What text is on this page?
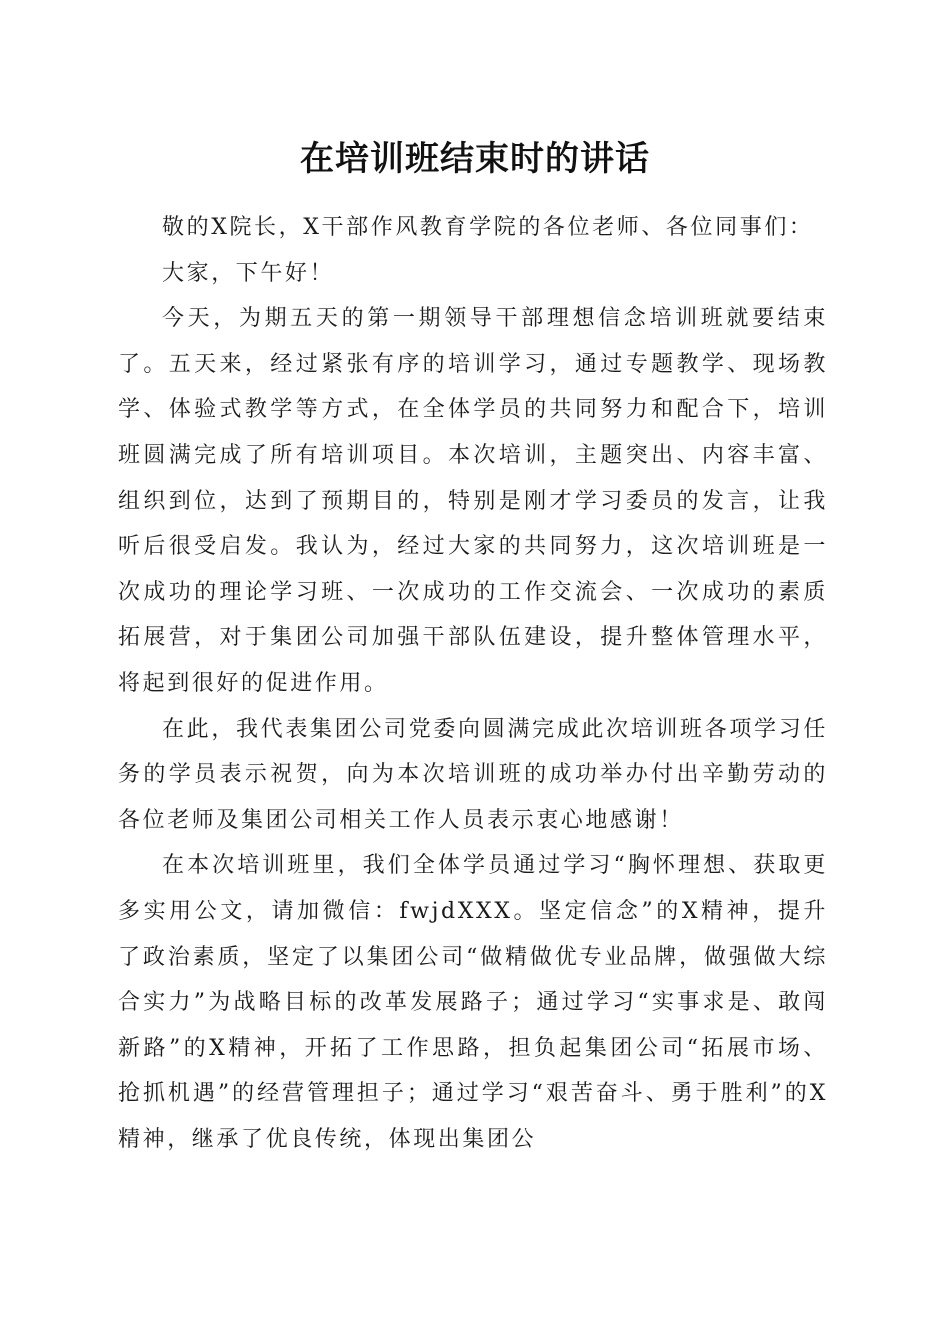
在培训班结束时的讲话

敬的X院长，X干部作风教育学院的各位老师、各位同事们：

大家，下午好！

今天，为期五天的第一期领导干部理想信念培训班就要结束了。五天来，经过紧张有序的培训学习，通过专题教学、现场教学、体验式教学等方式，在全体学员的共同努力和配合下，培训班圆满完成了所有培训项目。本次培训，主题突出、内容丰富、组织到位，达到了预期目的，特别是刚才学习委员的发言，让我听后很受启发。我认为，经过大家的共同努力，这次培训班是一次成功的理论学习班、一次成功的工作交流会、一次成功的素质拓展营，对于集团公司加强干部队伍建设，提升整体管理水平，将起到很好的促进作用。

在此，我代表集团公司党委向圆满完成此次培训班各项学习任务的学员表示祝贺，向为本次培训班的成功举办付出辛勤劳动的各位老师及集团公司相关工作人员表示衷心地感谢！

在本次培训班里，我们全体学员通过学习“胸怀理想、获取更多实用公文，请加微信：fwjdXXX。坚定信念”的X精神，提升了政治素质，坚定了以集团公司“做精做优专业品牌，做强做大综合实力”为战略目标的改革发展路子；通过学习“实事求是、敢闯新路”的X精神，开拓了工作思路，担负起集团公司“拓展市场、抢抓机遇”的经营管理担子；通过学习“艰苦奋斗、勇于胜利”的X精神，继承了优良传统，体现出集团公
